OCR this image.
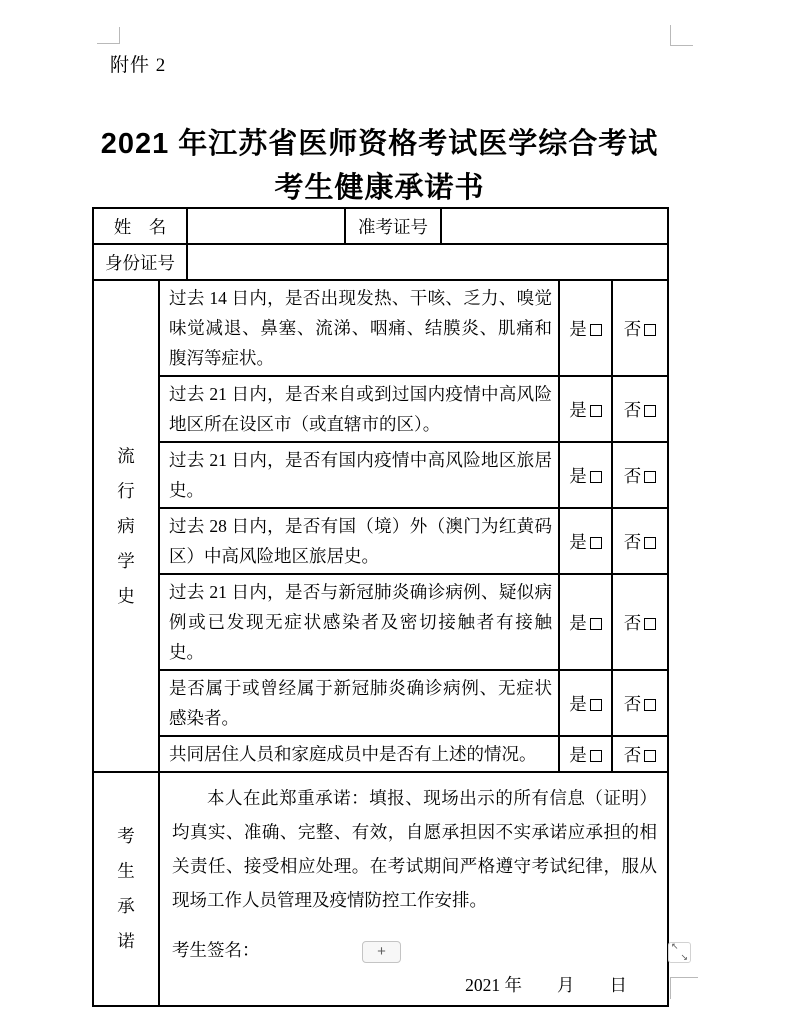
附件 2
2021 年江苏省医师资格考试医学综合考试
考生健康承诺书
姓　名		准考证号	
身份证号			
流
行
病
学
史	过去 14 日内，是否出现发热、干咳、乏力、嗅觉味觉减退、鼻塞、流涕、咽痛、结膜炎、肌痛和腹泻等症状。	是	否
	过去 21 日内，是否来自或到过国内疫情中高风险地区所在设区市（或直辖市的区）。	是	否
	过去 21 日内，是否有国内疫情中高风险地区旅居史。	是	否
	过去 28 日内，是否有国（境）外（澳门为红黄码区）中高风险地区旅居史。	是	否
	过去 21 日内，是否与新冠肺炎确诊病例、疑似病例或已发现无症状感染者及密切接触者有接触史。	是	否
	是否属于或曾经属于新冠肺炎确诊病例、无症状感染者。	是	否
	共同居住人员和家庭成员中是否有上述的情况。	是	否
考
生
承
诺

本人在此郑重承诺：填报、现场出示的所有信息（证明）均真实、准确、完整、有效，自愿承担因不实承诺应承担的相关责任、接受相应处理。在考试期间严格遵守考试纪律，服从现场工作人员管理及疫情防控工作安排。

考生签名：
2021 年　　月　　日
+	↖
↘
